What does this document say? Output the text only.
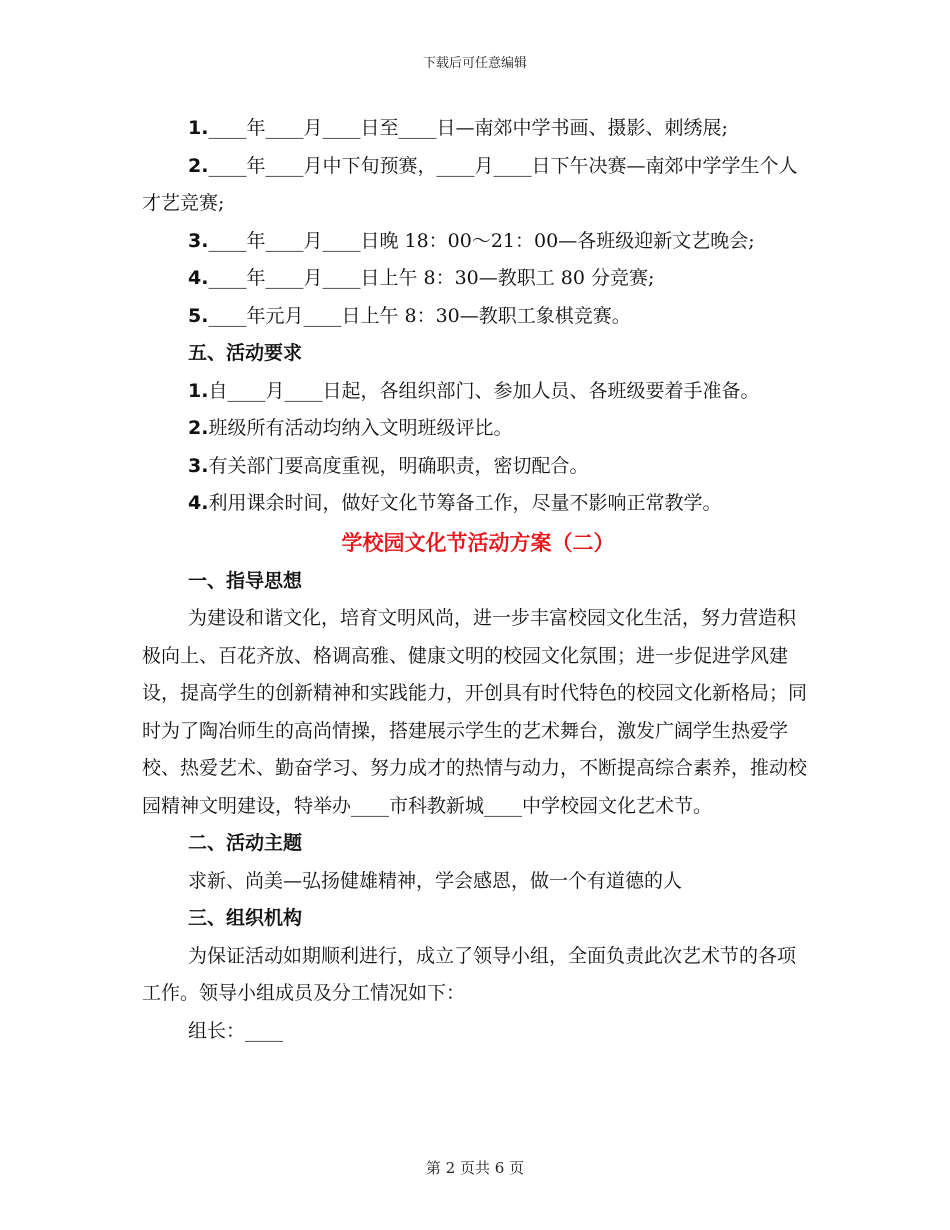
下载后可任意编辑
1.____年____月____日至____日—南郊中学书画、摄影、刺绣展;
2.____年____月中下旬预赛，____月____日下午决赛—南郊中学学生个人才艺竞赛;
3.____年____月____日晚 18：00～21：00—各班级迎新文艺晚会;
4.____年____月____日上午 8：30—教职工 80 分竞赛;
5.____年元月____日上午 8：30—教职工象棋竞赛。
五、活动要求
1.自____月____日起，各组织部门、参加人员、各班级要着手准备。
2.班级所有活动均纳入文明班级评比。
3.有关部门要高度重视，明确职责，密切配合。
4.利用课余时间，做好文化节筹备工作，尽量不影响正常教学。
学校园文化节活动方案（二）
一、指导思想
为建设和谐文化，培育文明风尚，进一步丰富校园文化生活，努力营造积极向上、百花齐放、格调高雅、健康文明的校园文化氛围；进一步促进学风建设，提高学生的创新精神和实践能力，开创具有时代特色的校园文化新格局；同时为了陶冶师生的高尚情操，搭建展示学生的艺术舞台，激发广阔学生热爱学校、热爱艺术、勤奋学习、努力成才的热情与动力，不断提高综合素养，推动校园精神文明建设，特举办____市科教新城____中学校园文化艺术节。
二、活动主题
求新、尚美—弘扬健雄精神，学会感恩，做一个有道德的人
三、组织机构
为保证活动如期顺利进行，成立了领导小组，全面负责此次艺术节的各项工作。领导小组成员及分工情况如下：
组长：____
第 2 页共 6 页
